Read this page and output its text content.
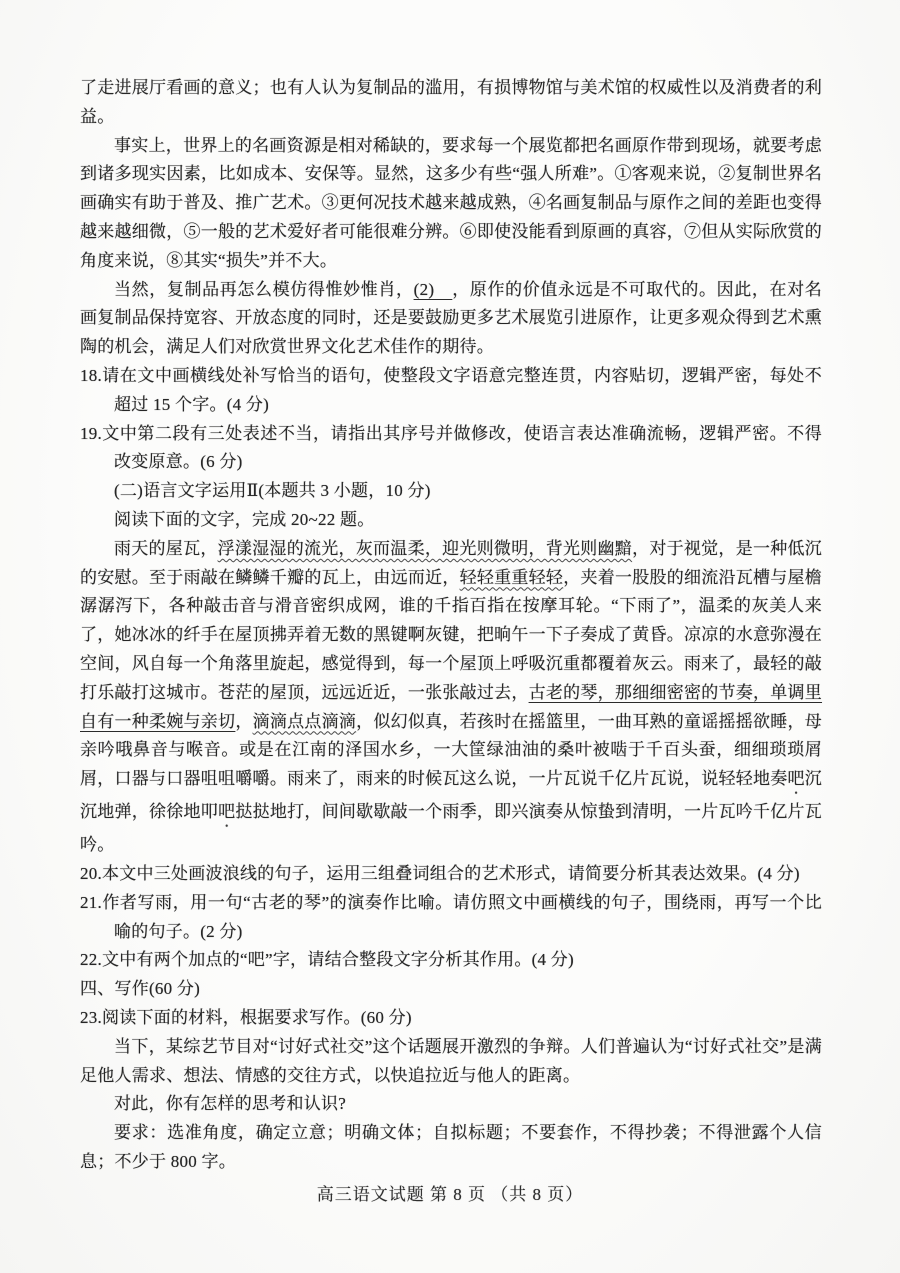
了走进展厅看画的意义；也有人认为复制品的滥用，有损博物馆与美术馆的权威性以及消费者的利益。

事实上，世界上的名画资源是相对稀缺的，要求每一个展览都把名画原作带到现场，就要考虑到诸多现实因素，比如成本、安保等。显然，这多少有些“强人所难”。①客观来说，②复制世界名画确实有助于普及、推广艺术。③更何况技术越来越成熟，④名画复制品与原作之间的差距也变得越来越细微，⑤一般的艺术爱好者可能很难分辨。⑥即使没能看到原画的真容，⑦但从实际欣赏的角度来说，⑧其实“损失”并不大。

当然，复制品再怎么模仿得惟妙惟肖，(2)　，原作的价值永远是不可取代的。因此，在对名画复制品保持宽容、开放态度的同时，还是要鼓励更多艺术展览引进原作，让更多观众得到艺术熏陶的机会，满足人们对欣赏世界文化艺术佳作的期待。

18.请在文中画横线处补写恰当的语句，使整段文字语意完整连贯，内容贴切，逻辑严密，每处不超过 15 个字。(4 分)

19.文中第二段有三处表述不当，请指出其序号并做修改，使语言表达准确流畅，逻辑严密。不得改变原意。(6 分)

(二)语言文字运用Ⅱ(本题共 3 小题，10 分)

阅读下面的文字，完成 20~22 题。

雨天的屋瓦，浮漾湿湿的流光，灰而温柔，迎光则微明，背光则幽黯，对于视觉，是一种低沉的安慰。至于雨敲在鳞鳞千瓣的瓦上，由远而近，轻轻重重轻轻，夹着一股股的细流沿瓦槽与屋檐潺潺泻下，各种敲击音与滑音密织成网，谁的千指百指在按摩耳轮。“下雨了”，温柔的灰美人来了，她冰冰的纤手在屋顶拂弄着无数的黑键啊灰键，把晌午一下子奏成了黄昏。凉凉的水意弥漫在空间，风自每一个角落里旋起，感觉得到，每一个屋顶上呼吸沉重都覆着灰云。雨来了，最轻的敲打乐敲打这城市。苍茫的屋顶，远远近近，一张张敲过去，古老的琴，那细细密密的节奏，单调里自有一种柔婉与亲切，滴滴点点滴滴，似幻似真，若孩时在摇篮里，一曲耳熟的童谣摇摇欲睡，母亲吟哦鼻音与喉音。或是在江南的泽国水乡，一大筐绿油油的桑叶被啮于千百头蚕，细细琐琐屑屑，口器与口器咀咀嚼嚼。雨来了，雨来的时候瓦这么说，一片瓦说千亿片瓦说，说轻轻地奏吧沉沉地弹，徐徐地叩吧挞挞地打，间间歇歇敲一个雨季，即兴演奏从惊蛰到清明，一片瓦吟千亿片瓦吟。

20.本文中三处画波浪线的句子，运用三组叠词组合的艺术形式，请简要分析其表达效果。(4 分)

21.作者写雨，用一句“古老的琴”的演奏作比喻。请仿照文中画横线的句子，围绕雨，再写一个比喻的句子。(2 分)

22.文中有两个加点的“吧”字，请结合整段文字分析其作用。(4 分)

四、写作(60 分)

23.阅读下面的材料，根据要求写作。(60 分)

当下，某综艺节目对“讨好式社交”这个话题展开激烈的争辩。人们普遍认为“讨好式社交”是满足他人需求、想法、情感的交往方式，以快追拉近与他人的距离。

对此，你有怎样的思考和认识?

要求：选准角度，确定立意；明确文体；自拟标题；不要套作，不得抄袭；不得泄露个人信息；不少于 800 字。

高三语文试题 第 8 页 （共 8 页）
